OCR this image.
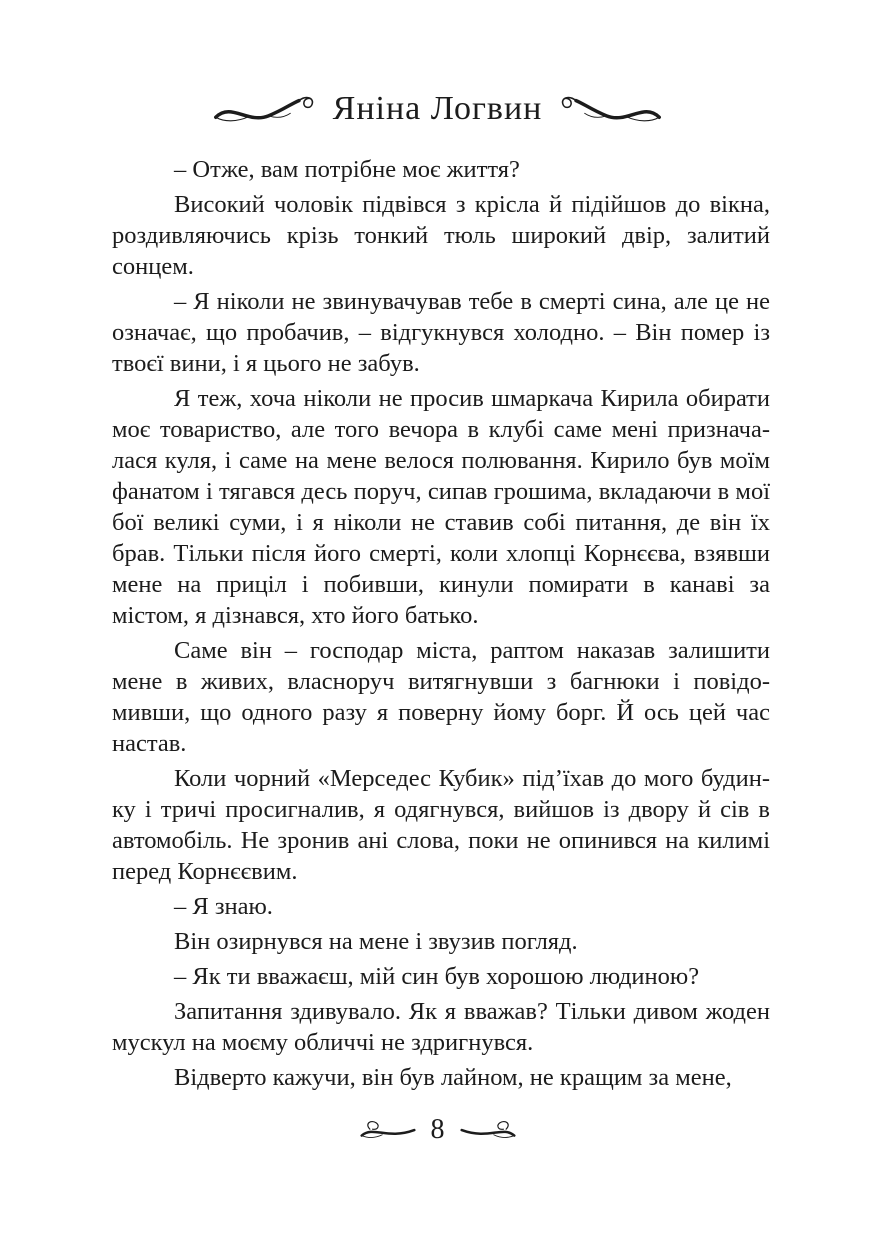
Яніна Логвин

– Отже, вам потрібне моє життя?

Високий чоловік підвівся з крісла й підійшов до вікна, роздивляючись крізь тонкий тюль широкий двір, залитий сонцем.

– Я ніколи не звинувачував тебе в смерті сина, але це не означає, що пробачив, – відгукнувся холодно. – Він помер із твоєї вини, і я цього не забув.

Я теж, хоча ніколи не просив шмаркача Кирила обирати моє товариство, але того вечора в клубі саме мені призначалася куля, і саме на мене велося полювання. Кирило був моїм фанатом і тягався десь поруч, сипав грошима, вкладаючи в мої бої великі суми, і я ніколи не ставив собі питання, де він їх брав. Тільки після його смерті, коли хлопці Корнєєва, взявши мене на приціл і побивши, кинули помирати в канаві за містом, я дізнався, хто його батько.

Саме він – господар міста, раптом наказав залишити мене в живих, власноруч витягнувши з багнюки і повідомивши, що одного разу я поверну йому борг. Й ось цей час настав.

Коли чорний «Мерседес Кубик» під’їхав до мого будинку і тричі просигналив, я одягнувся, вийшов із двору й сів в автомобіль. Не зронив ані слова, поки не опинився на килимі перед Корнєєвим.

– Я знаю.

Він озирнувся на мене і звузив погляд.

– Як ти вважаєш, мій син був хорошою людиною?

Запитання здивувало. Як я вважав? Тільки дивом жоден мускул на моєму обличчі не здригнувся.

Відверто кажучи, він був лайном, не кращим за мене,

8
